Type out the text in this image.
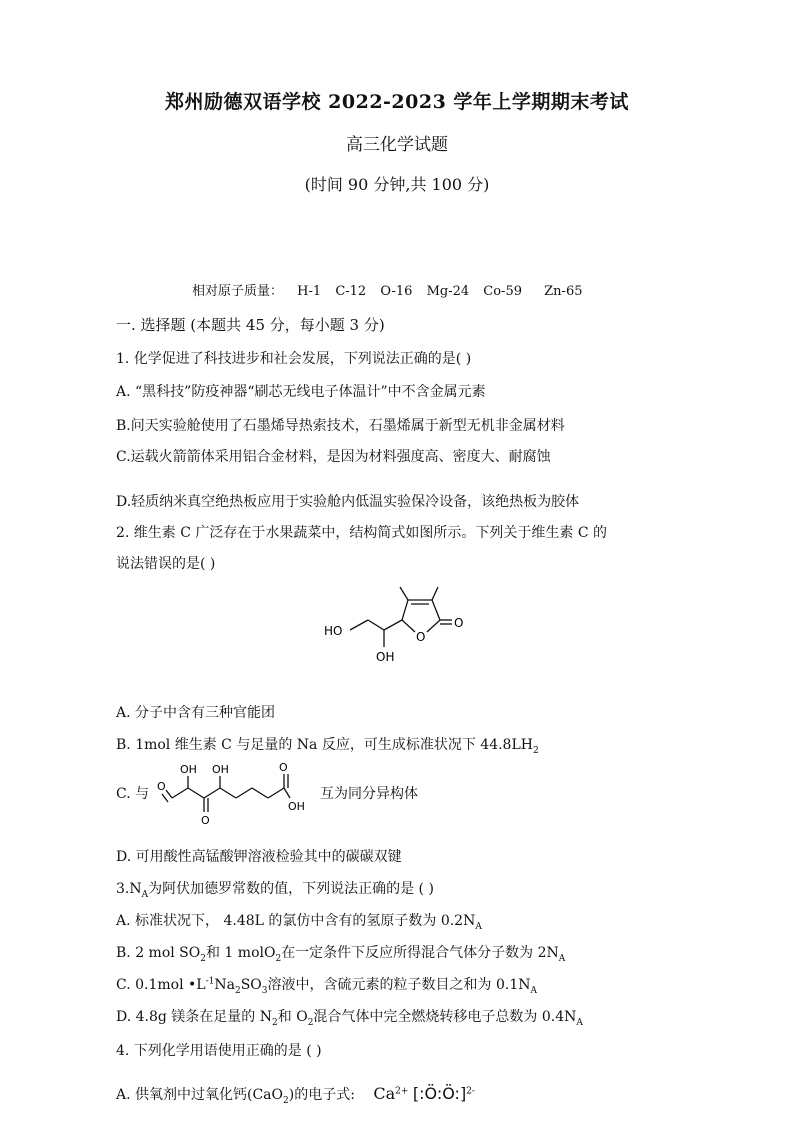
郑州励德双语学校 2022-2023 学年上学期期末考试
高三化学试题
(时间 90 分钟,共 100 分)
相对原子质量： H-1 C-12 O-16 Mg-24 Co-59 Zn-65
一. 选择题 (本题共 45 分，每小题 3 分)
1. 化学促进了科技进步和社会发展，下列说法正确的是( )
A. “黑科技”防疫神器“刷芯无线电子体温计”中不含金属元素
B.问天实验舱使用了石墨烯导热索技术，石墨烯属于新型无机非金属材料
C.运载火箭箭体采用铝合金材料，是因为材料强度高、密度大、耐腐蚀
D.轻质纳米真空绝热板应用于实验舱内低温实验保冷设备，该绝热板为胶体
2. 维生素 C 广泛存在于水果蔬菜中，结构简式如图所示。下列关于维生素 C 的
说法错误的是( )
HO
OH
O
O
A. 分子中含有三种官能团
B. 1mol 维生素 C 与足量的 Na 反应，可生成标准状况下 $44.8LH_2$
C. 与 O
OH
O
OH	O
OH
互为同分异构体
D. 可用酸性高锰酸钾溶液检验其中的碳碳双键
$3.N_A$为阿伏加德罗常数的值，下列说法正确的是 ( )
A. 标准状况下， 4.48L 的氯仿中含有的氢原子数为 $0.2N_A$
B. 2 mol $SO_2$和 1 molO$_2$在一定条件下反应所得混合气体分子数为 $2N_A$
C. 0.1mol $•L^{-1}Na_2SO_3$溶液中，含硫元素的粒子数目之和为 $0.1N_A$
D. 4.8g 镁条在足量的 $N_2$和 $O_2$混合气体中完全燃烧转移电子总数为 $0.4N_A$
4. 下列化学用语使用正确的是 ( )
A. 供氧剂中过氧化钙(CaO$_2$)的电子式: $Ca^{2+}$ [:Ö:Ö:]$^{2-}$
